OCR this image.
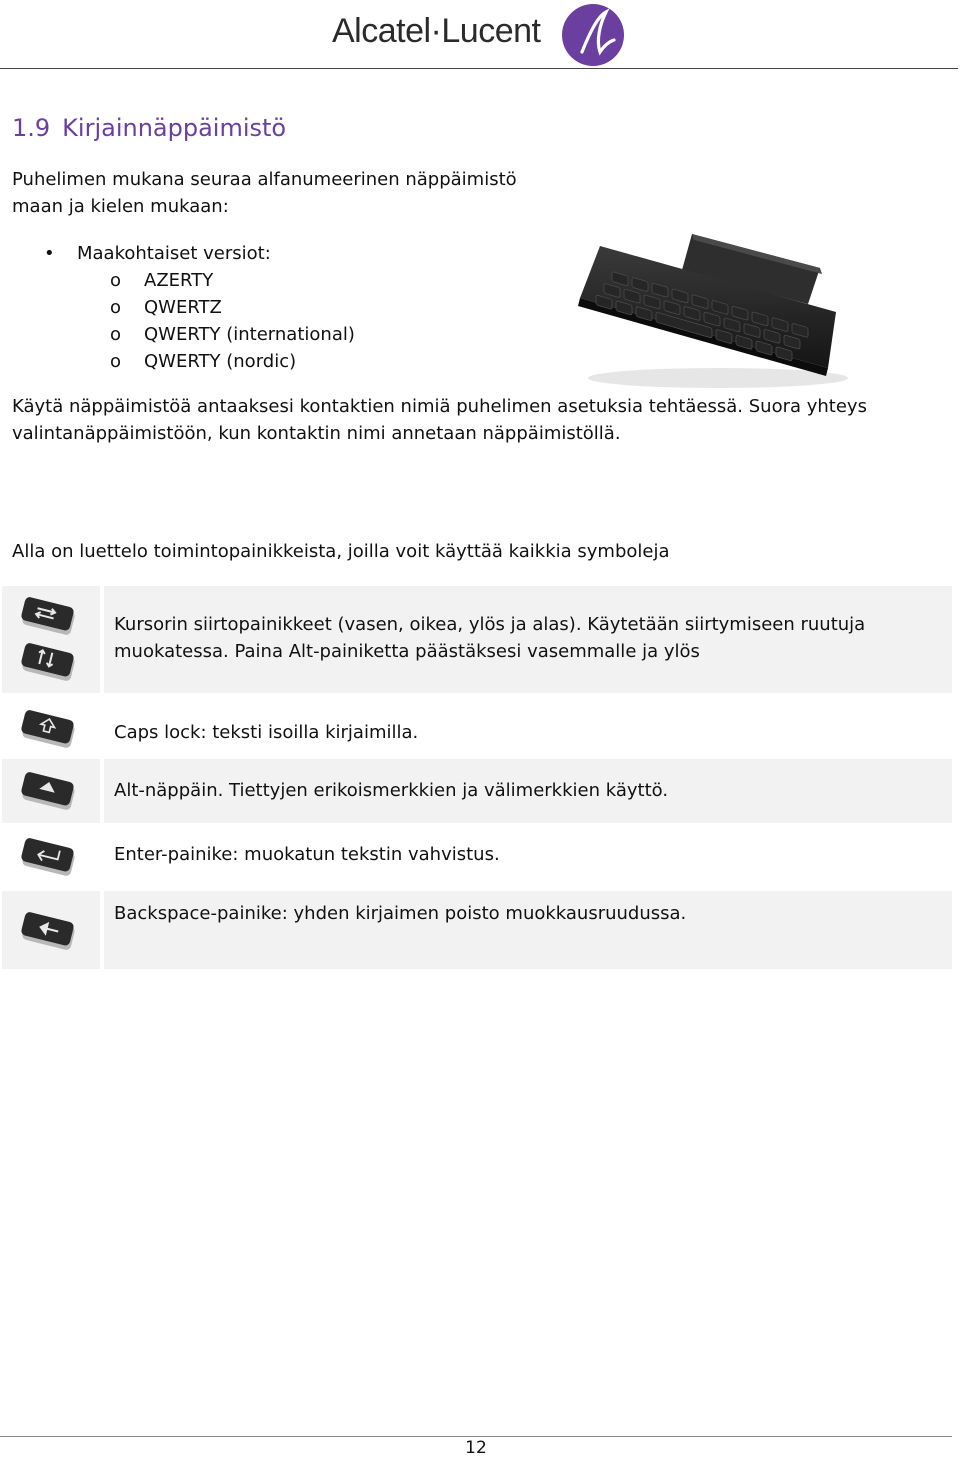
Alcatel·Lucent
1.9 Kirjainnäppäimistö

Puhelimen mukana seuraa alfanumeerinen näppäimistö maan ja kielen mukaan:

• Maakohtaiset versiot:
o AZERTY
o QWERTZ
o QWERTY (international)
o QWERTY (nordic)

Käytä näppäimistöä antaaksesi kontaktien nimiä puhelimen asetuksia tehtäessä. Suora yhteys valintanäppäimistöön, kun kontaktin nimi annetaan näppäimistöllä.

Alla on luettelo toimintopainikkeista, joilla voit käyttää kaikkia symboleja

Kursorin siirtopainikkeet (vasen, oikea, ylös ja alas). Käytetään siirtymiseen ruutuja muokatessa. Paina Alt-painiketta päästäksesi vasemmalle ja ylös

Caps lock: teksti isoilla kirjaimilla.

Alt-näppäin. Tiettyjen erikoismerkkien ja välimerkkien käyttö.

Enter-painike: muokatun tekstin vahvistus.

Backspace-painike: yhden kirjaimen poisto muokkausruudussa.

12
